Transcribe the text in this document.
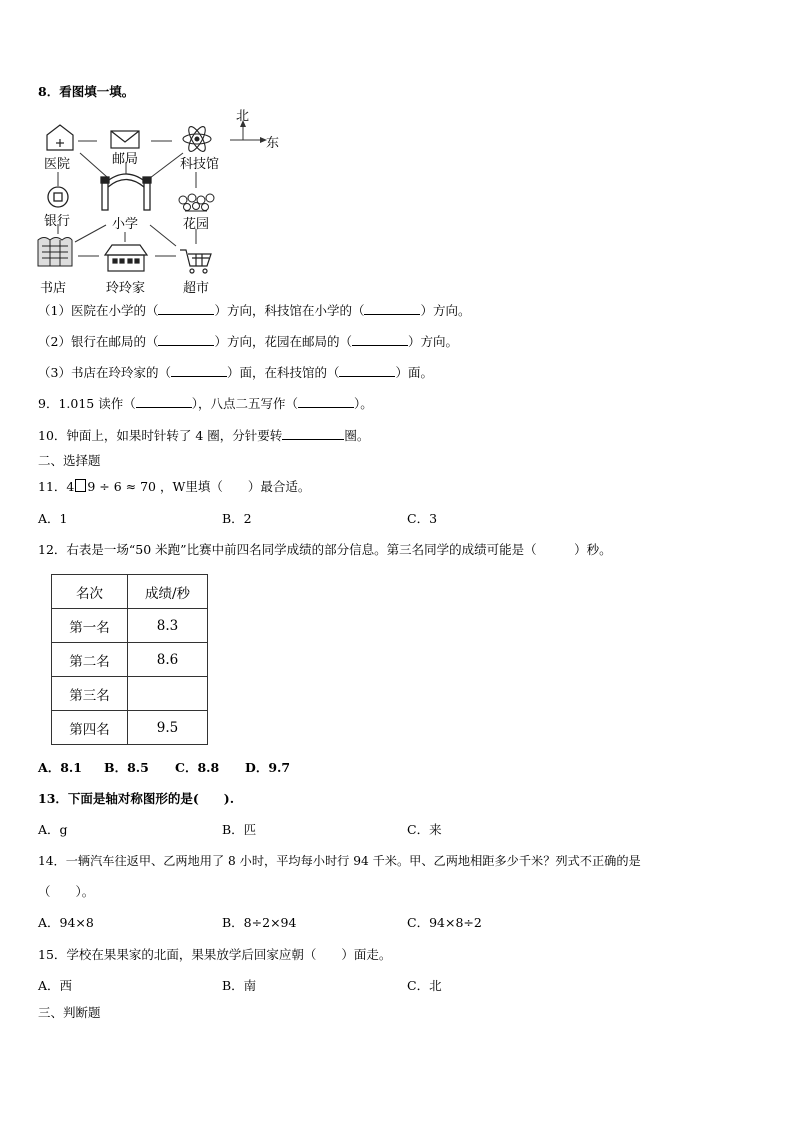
8．看图填一填。
北
东
医院	邮局	科技馆
银行	小学	花园
书店	玲玲家	超市
（1）医院在小学的（	）方向，科技馆在小学的（	）方向。
（2）银行在邮局的（	）方向，花园在邮局的（	）方向。
（3）书店在玲玲家的（	）面，在科技馆的（	）面。
9．1.015 读作（	），八点二五写作（	）。
10．钟面上，如果时针转了 4 圈，分针要转	圈。
二、选择题
11．4 9 ÷ 6 ≈ 70 ，W里填（　　）最合适。
A．1	B．2	C．3
12．右表是一场“50 米跑”比赛中前四名同学成绩的部分信息。第三名同学的成绩可能是（　　　）秒。
名次	成绩/秒
第一名	8.3
第二名	8.6
第三名	
第四名	9.5
A．8.1 B．8.5 C．8.8 D．9.7
13．下面是轴对称图形的是(　　).
A．g	B．匹	C．来
14．一辆汽车往返甲、乙两地用了 8 小时，平均每小时行 94 千米。甲、乙两地相距多少千米？列式不正确的是
（　　）。
A．94×8	B．8÷2×94	C．94×8÷2
15．学校在果果家的北面，果果放学后回家应朝（　　）面走。
A．西	B．南	C．北
三、判断题
